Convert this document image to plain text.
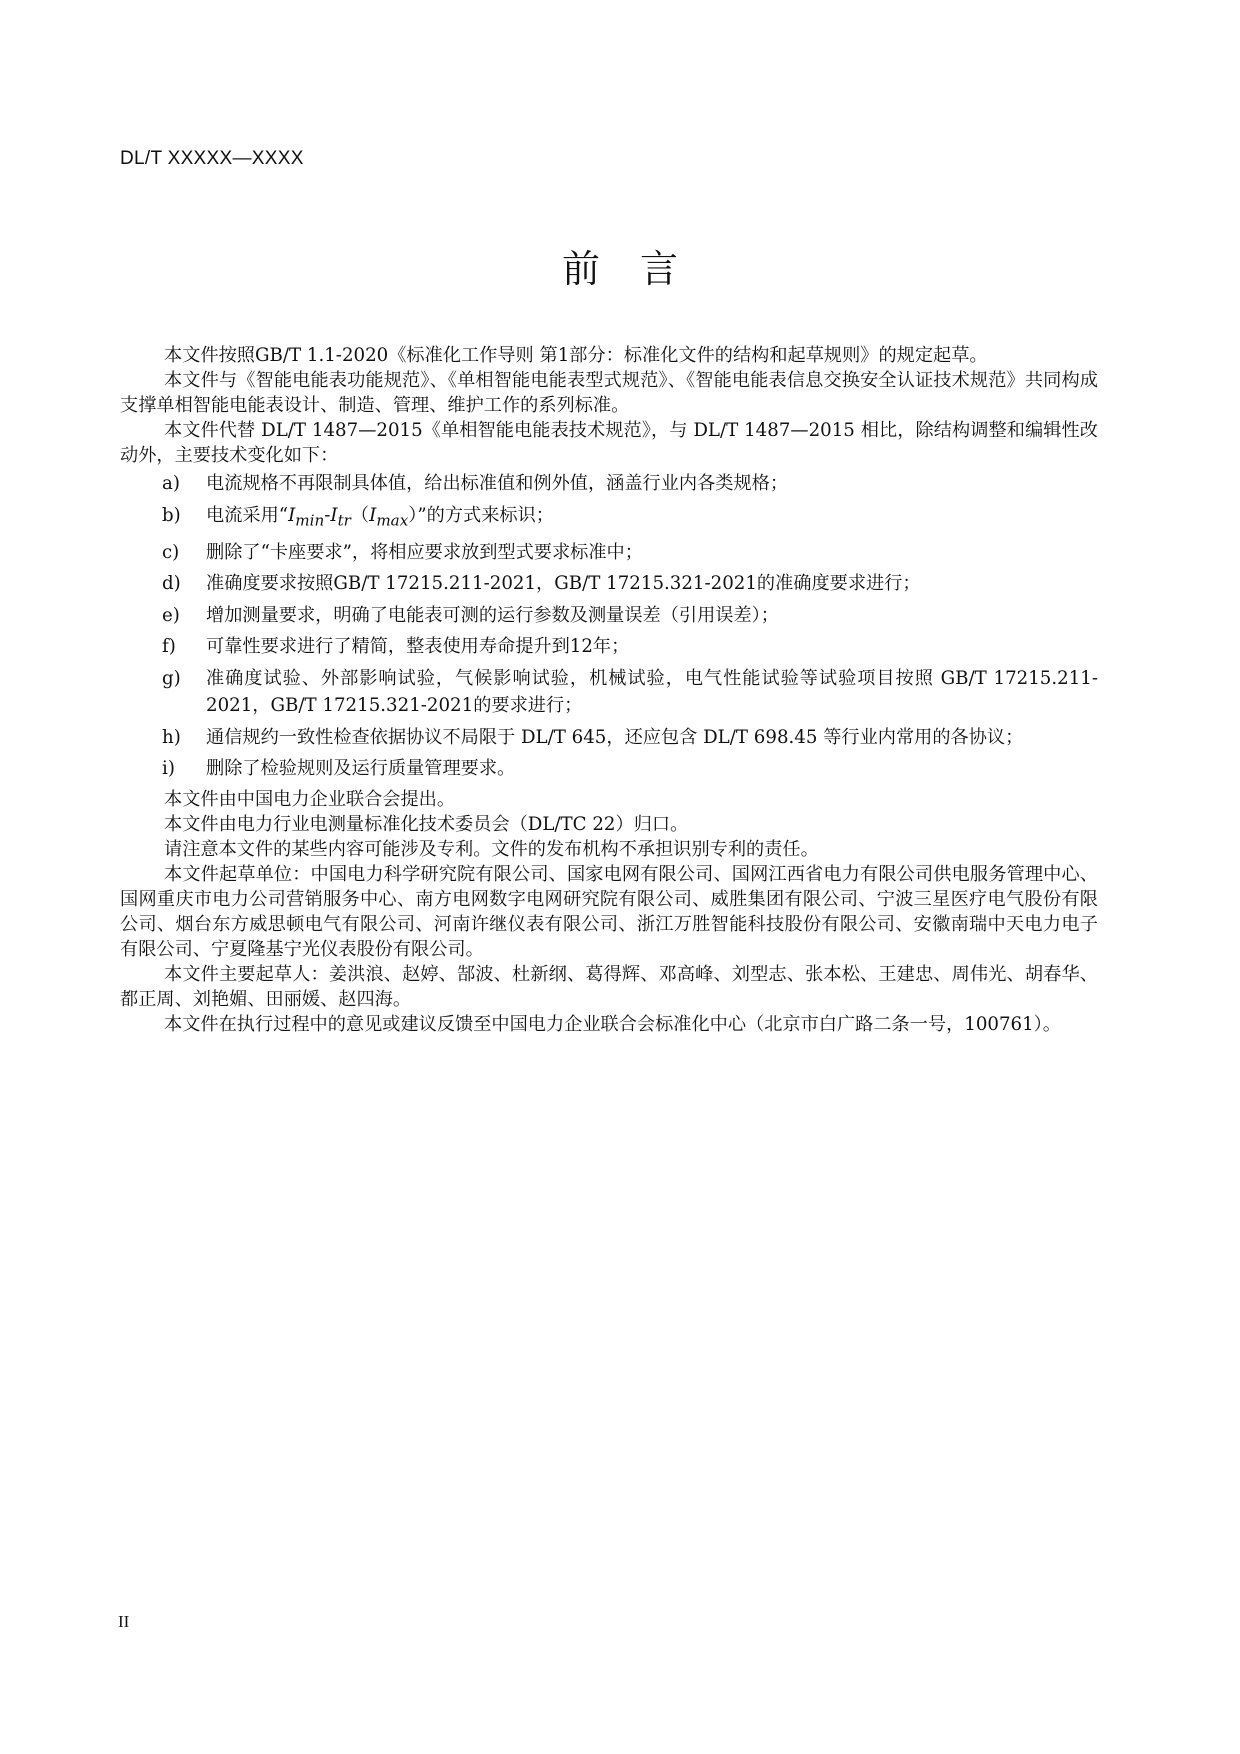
DL/T XXXXX—XXXX
前言

本文件按照GB/T 1.1-2020《标准化工作导则 第1部分：标准化文件的结构和起草规则》的规定起草。

本文件与《智能电能表功能规范》、《单相智能电能表型式规范》、《智能电能表信息交换安全认证技术规范》共同构成支撑单相智能电能表设计、制造、管理、维护工作的系列标准。

本文件代替 DL/T 1487—2015《单相智能电能表技术规范》，与 DL/T 1487—2015 相比，除结构调整和编辑性改动外，主要技术变化如下：

a)	电流规格不再限制具体值，给出标准值和例外值，涵盖行业内各类规格；
b)	电流采用“$I_{min}-I_{tr}(I_{max})$”的方式来标识；
c)	删除了“卡座要求”，将相应要求放到型式要求标准中；
d)	准确度要求按照GB/T 17215.211-2021，GB/T 17215.321-2021的准确度要求进行；
e)	增加测量要求，明确了电能表可测的运行参数及测量误差（引用误差）；
f)	可靠性要求进行了精简，整表使用寿命提升到12年；
g)	准确度试验、外部影响试验，气候影响试验，机械试验，电气性能试验等试验项目按照 GB/T 17215.211-2021，GB/T 17215.321-2021的要求进行；
h)	通信规约一致性检查依据协议不局限于 DL/T 645，还应包含 DL/T 698.45 等行业内常用的各协议；
i)	删除了检验规则及运行质量管理要求。

本文件由中国电力企业联合会提出。

本文件由电力行业电测量标准化技术委员会（DL/TC 22）归口。

请注意本文件的某些内容可能涉及专利。文件的发布机构不承担识别专利的责任。

本文件起草单位：中国电力科学研究院有限公司、国家电网有限公司、国网江西省电力有限公司供电服务管理中心、国网重庆市电力公司营销服务中心、南方电网数字电网研究院有限公司、威胜集团有限公司、宁波三星医疗电气股份有限公司、烟台东方威思顿电气有限公司、河南许继仪表有限公司、浙江万胜智能科技股份有限公司、安徽南瑞中天电力电子有限公司、宁夏隆基宁光仪表股份有限公司。

本文件主要起草人：姜洪浪、赵婷、郜波、杜新纲、葛得辉、邓高峰、刘型志、张本松、王建忠、周伟光、胡春华、都正周、刘艳媚、田丽媛、赵四海。

本文件在执行过程中的意见或建议反馈至中国电力企业联合会标准化中心（北京市白广路二条一号，100761）。

II
